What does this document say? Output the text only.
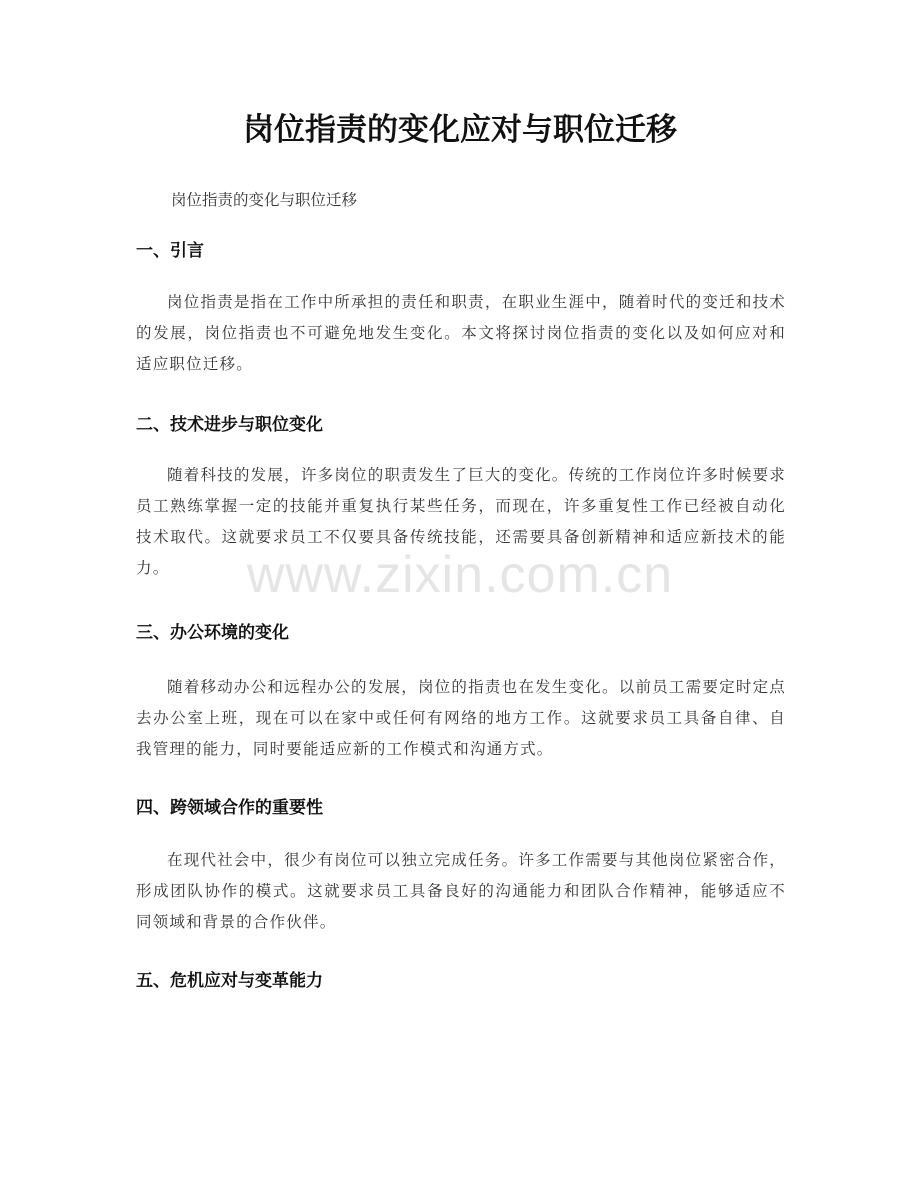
岗位指责的变化应对与职位迁移

岗位指责的变化与职位迁移

一、引言

岗位指责是指在工作中所承担的责任和职责，在职业生涯中，随着时代的变迁和技术的发展，岗位指责也不可避免地发生变化。本文将探讨岗位指责的变化以及如何应对和适应职位迁移。

二、技术进步与职位变化

随着科技的发展，许多岗位的职责发生了巨大的变化。传统的工作岗位许多时候要求员工熟练掌握一定的技能并重复执行某些任务，而现在，许多重复性工作已经被自动化技术取代。这就要求员工不仅要具备传统技能，还需要具备创新精神和适应新技术的能力。

三、办公环境的变化

随着移动办公和远程办公的发展，岗位的指责也在发生变化。以前员工需要定时定点去办公室上班，现在可以在家中或任何有网络的地方工作。这就要求员工具备自律、自我管理的能力，同时要能适应新的工作模式和沟通方式。

四、跨领域合作的重要性

在现代社会中，很少有岗位可以独立完成任务。许多工作需要与其他岗位紧密合作，形成团队协作的模式。这就要求员工具备良好的沟通能力和团队合作精神，能够适应不同领域和背景的合作伙伴。

五、危机应对与变革能力
www.zixin.com.cn
